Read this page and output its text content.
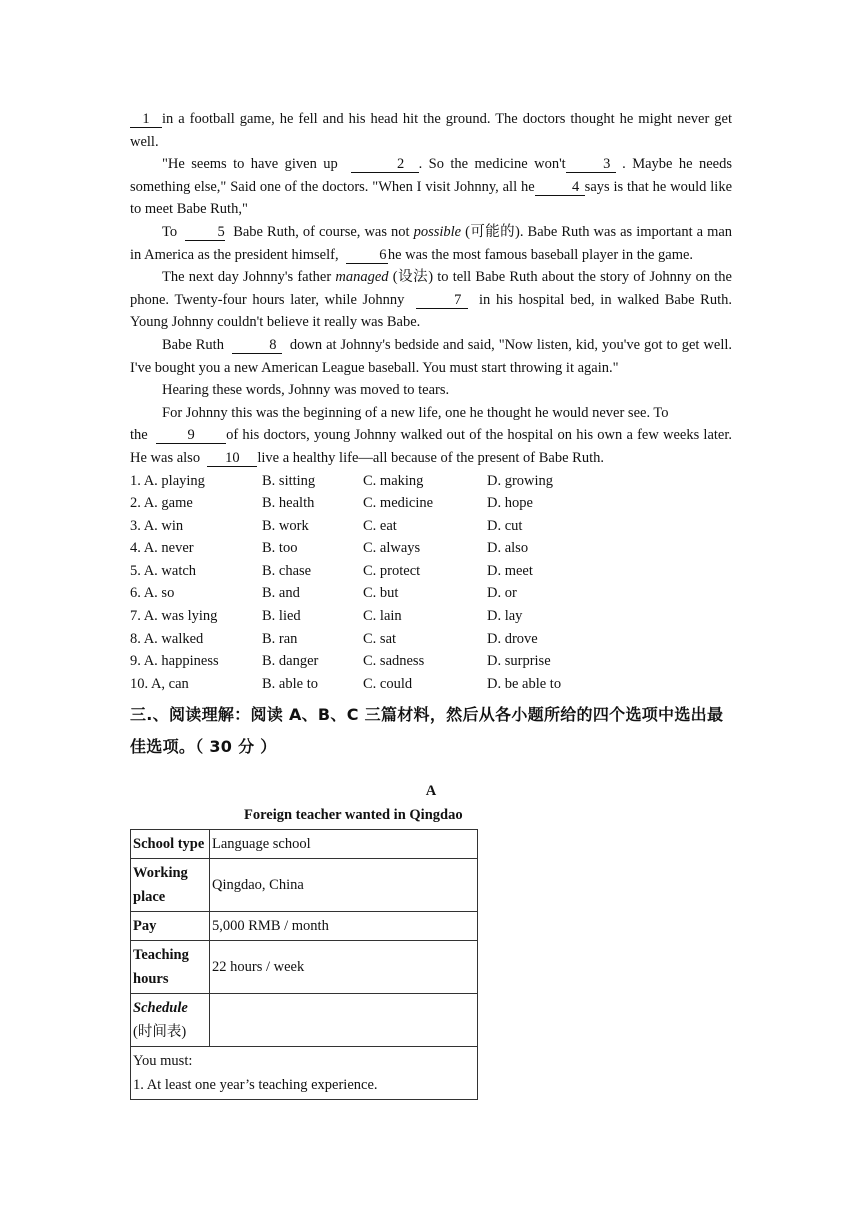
1 in a football game, he fell and his head hit the ground. The doctors thought he might never get well.
"He seems to have given up	2 . So the medicine won't	3 . Maybe he needs something else," Said one of the doctors. "When I visit Johnny, all he	4 says is that he would like to meet Babe Ruth,"
To	5 Babe Ruth, of course, was not possible (可能的). Babe Ruth was as important a man in America as the president himself,	6he was the most famous baseball player in the game.
The next day Johnny's father managed (设法) to tell Babe Ruth about the story of Johnny on the phone. Twenty-four hours later, while Johnny	7 in his hospital bed, in walked Babe Ruth. Young Johnny couldn't believe it really was Babe.
Babe Ruth	8 down at Johnny's bedside and said, "Now listen, kid, you've got to get well. I've bought you a new American League baseball. You must start throwing it again."
Hearing these words, Johnny was moved to tears.
For Johnny this was the beginning of a new life, one he thought he would never see. To
the	9 of his doctors, young Johnny walked out of the hospital on his own a few weeks later. He was also 10 live a healthy life—all because of the present of Babe Ruth.
1. A. playing	B. sitting	C. making	D. growing
2. A. game	B. health	C. medicine	D. hope
3. A. win	B. work	C. eat	D. cut
4. A. never	B. too	C. always	D. also
5. A. watch	B. chase	C. protect	D. meet
6. A. so	B. and	C. but	D. or
7. A. was lying	B. lied	C. lain	D. lay
8. A. walked	B. ran	C. sat	D. drove
9. A. happiness	B. danger	C. sadness	D. surprise
10. A, can	B. able to	C. could	D. be able to
三.、阅读理解：阅读 A、B、C 三篇材料，然后从各小题所给的四个选项中选出最佳选项。（ 30 分 ）
A
Foreign teacher wanted in Qingdao
School type	Language school
Working place	Qingdao, China
Pay	5,000 RMB / month
Teaching hours	22 hours / week
Schedule
(时间表)	
You must:
1. At least one year’s teaching experience.	
